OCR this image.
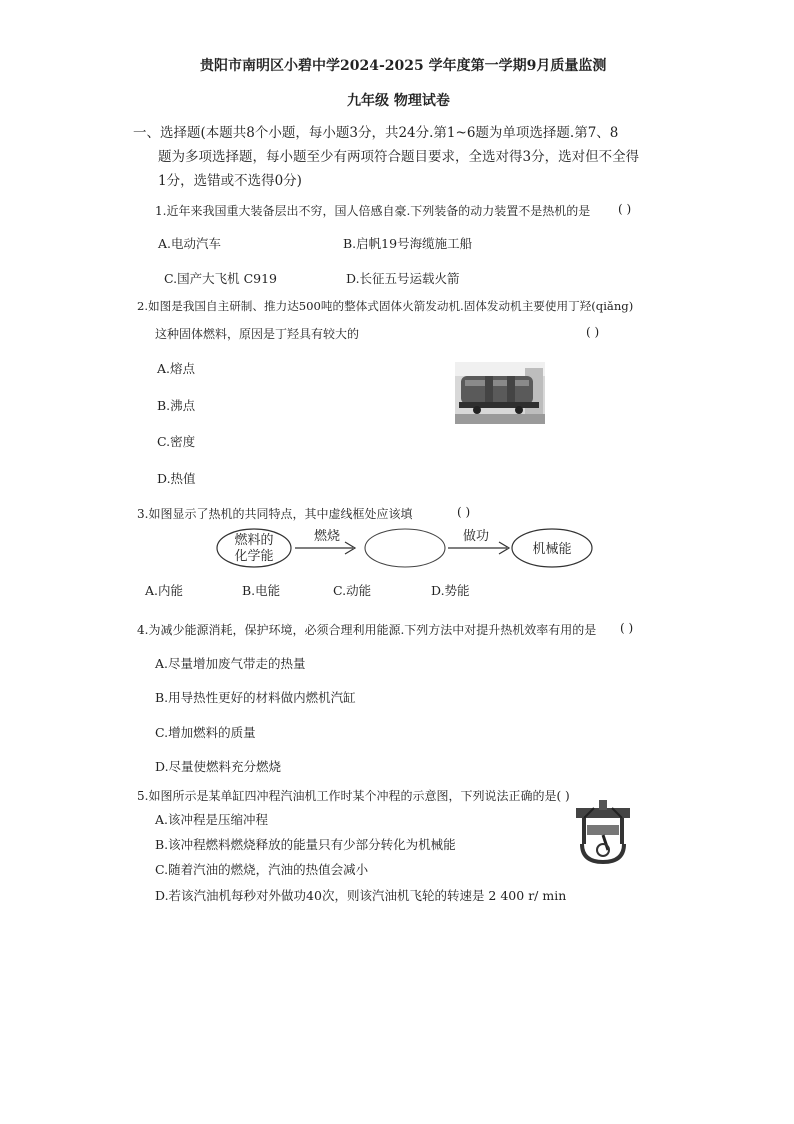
贵阳市南明区小碧中学2024-2025 学年度第一学期9月质量监测
九年级 物理试卷
一、选择题(本题共8个小题，每小题3分，共24分.第1~6题为单项选择题.第7、8
题为多项选择题，每小题至少有两项符合题目要求，全选对得3分，选对但不全得
1分，选错或不选得0分)
1.近年来我国重大装备层出不穷，国人倍感自豪.下列装备的动力装置不是热机的是 ( )
A.电动汽车	B.启帆19号海缆施工船
C.国产大飞机 C919	D.长征五号运载火箭
2.如图是我国自主研制、推力达500吨的整体式固体火箭发动机.固体发动机主要使用丁羟(qiǎng)
这种固体燃料，原因是丁羟具有较大的	( )
A.熔点
B.沸点
C.密度
D.热值
3.如图显示了热机的共同特点，其中虚线框处应该填	( )
燃料的
化学能
燃烧	做功
机械能
A.内能	B.电能	C.动能	D.势能
4.为减少能源消耗，保护环境，必须合理利用能源.下列方法中对提升热机效率有用的是 ( )
A.尽量增加废气带走的热量
B.用导热性更好的材料做内燃机汽缸
C.增加燃料的质量
D.尽量使燃料充分燃烧
5.如图所示是某单缸四冲程汽油机工作时某个冲程的示意图，下列说法正确的是( )
A.该冲程是压缩冲程
B.该冲程燃料燃烧释放的能量只有少部分转化为机械能
C.随着汽油的燃烧，汽油的热值会减小
D.若该汽油机每秒对外做功40次，则该汽油机飞轮的转速是 2 400 r/ min
